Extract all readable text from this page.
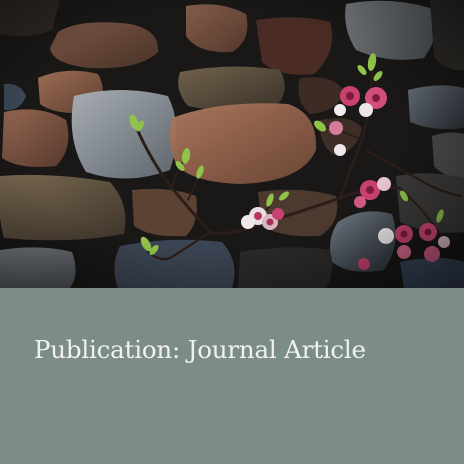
Publication: Journal Article
